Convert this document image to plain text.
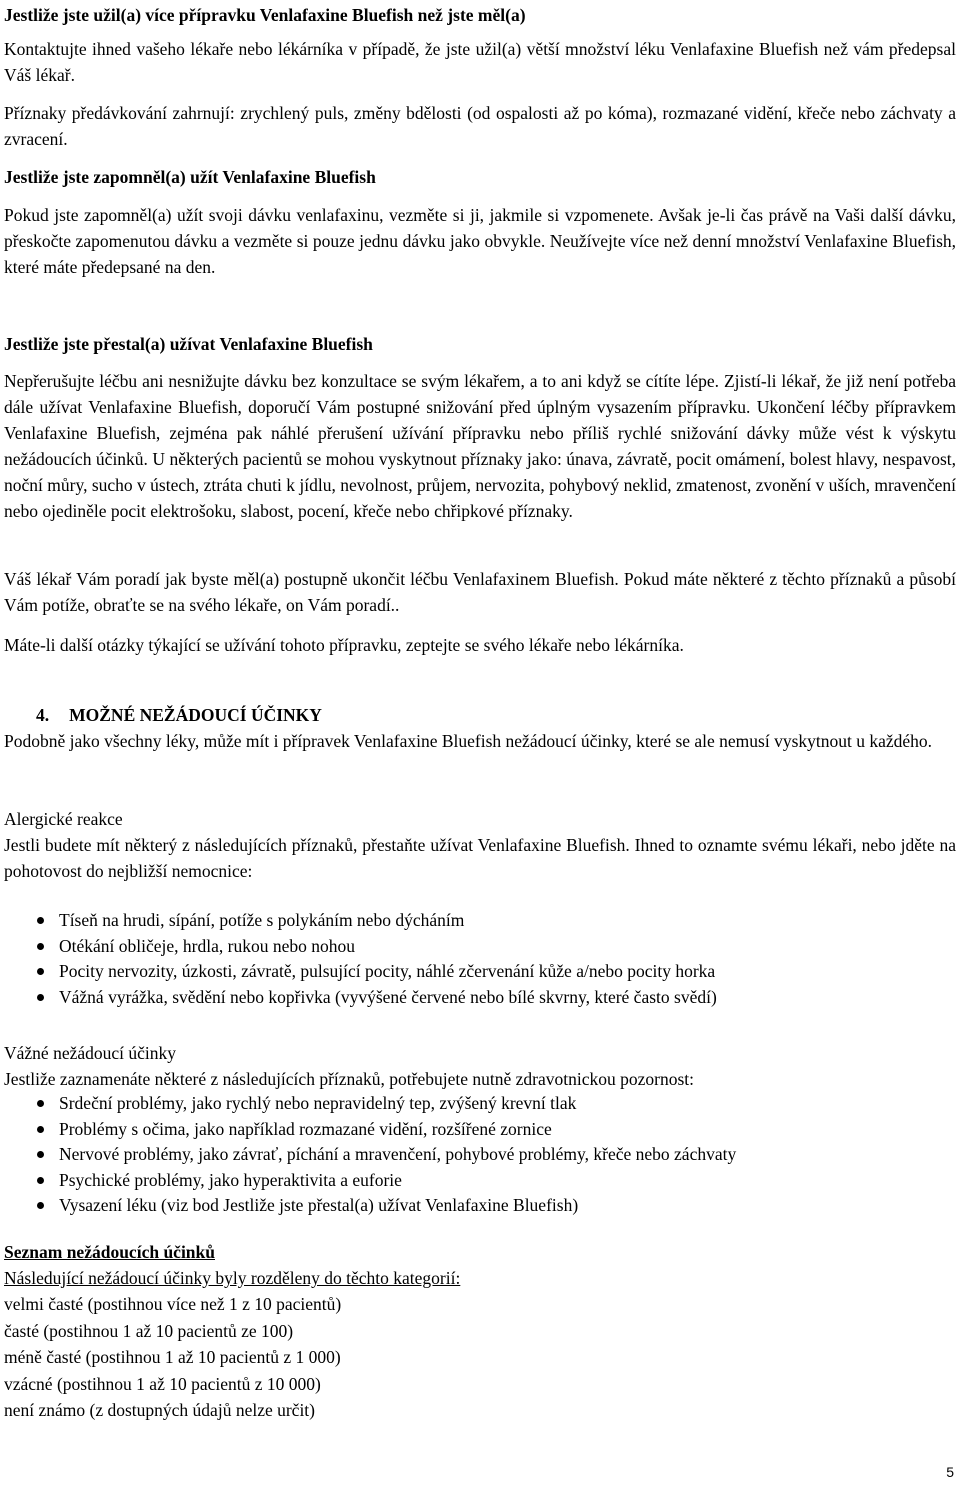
Jestliže jste užil(a) více přípravku Venlafaxine Bluefish než jste měl(a)

Kontaktujte ihned vašeho lékaře nebo lékárníka v případě, že jste užil(a) větší množství léku Venlafaxine Bluefish než vám předepsal Váš lékař.

Příznaky předávkování zahrnují: zrychlený puls, změny bdělosti (od ospalosti až po kóma), rozmazané vidění, křeče nebo záchvaty a zvracení.

Jestliže jste zapomněl(a) užít Venlafaxine Bluefish

Pokud jste zapomněl(a) užít svoji dávku venlafaxinu, vezměte si ji, jakmile si vzpomenete. Avšak je-li čas právě na Vaši další dávku, přeskočte zapomenutou dávku a vezměte si pouze jednu dávku jako obvykle. Neužívejte více než denní množství Venlafaxine Bluefish, které máte předepsané na den.

Jestliže jste přestal(a) užívat Venlafaxine Bluefish

Nepřerušujte léčbu ani nesnižujte dávku bez konzultace se svým lékařem, a to ani když se cítíte lépe. Zjistí-li lékař, že již není potřeba dále užívat Venlafaxine Bluefish, doporučí Vám postupné snižování před úplným vysazením přípravku. Ukončení léčby přípravkem Venlafaxine Bluefish, zejména pak náhlé přerušení užívání přípravku nebo příliš rychlé snižování dávky může vést k výskytu nežádoucích účinků. U některých pacientů se mohou vyskytnout příznaky jako: únava, závratě, pocit omámení, bolest hlavy, nespavost, noční můry, sucho v ústech, ztráta chuti k jídlu, nevolnost, průjem, nervozita, pohybový neklid, zmatenost, zvonění v uších, mravenčení nebo ojediněle pocit elektrošoku, slabost, pocení, křeče nebo chřipkové příznaky.

Váš lékař Vám poradí jak byste měl(a) postupně ukončit léčbu Venlafaxinem Bluefish. Pokud máte některé z těchto příznaků a působí Vám potíže, obraťte se na svého lékaře, on Vám poradí..

Máte-li další otázky týkající se užívání tohoto přípravku, zeptejte se svého lékaře nebo lékárníka.

4. MOŽNÉ NEŽÁDOUCÍ ÚČINKY

Podobně jako všechny léky, může mít i přípravek Venlafaxine Bluefish nežádoucí účinky, které se ale nemusí vyskytnout u každého.

Alergické reakce

Jestli budete mít některý z následujících příznaků, přestaňte užívat Venlafaxine Bluefish. Ihned to oznamte svému lékaři, nebo jděte na pohotovost do nejbližší nemocnice:

Tíseň na hrudi, sípání, potíže s polykáním nebo dýcháním
Otékání obličeje, hrdla, rukou nebo nohou
Pocity nervozity, úzkosti, závratě, pulsující pocity, náhlé zčervenání kůže a/nebo pocity horka
Vážná vyrážka, svědění nebo kopřivka (vyvýšené červené nebo bílé skvrny, které často svědí)

Vážné nežádoucí účinky

Jestliže zaznamenáte některé z následujících příznaků, potřebujete nutně zdravotnickou pozornost:

Srdeční problémy, jako rychlý nebo nepravidelný tep, zvýšený krevní tlak
Problémy s očima, jako například rozmazané vidění, rozšířené zornice
Nervové problémy, jako závrať, píchání a mravenčení, pohybové problémy, křeče nebo záchvaty
Psychické problémy, jako hyperaktivita a euforie
Vysazení léku (viz bod Jestliže jste přestal(a) užívat Venlafaxine Bluefish)

Seznam nežádoucích účinků

Následující nežádoucí účinky byly rozděleny do těchto kategorií:

velmi časté (postihnou více než 1 z 10 pacientů)
časté (postihnou 1 až 10 pacientů ze 100)
méně časté (postihnou 1 až 10 pacientů z 1 000)
vzácné (postihnou 1 až 10 pacientů z 10 000)
není známo (z dostupných údajů nelze určit)
5
